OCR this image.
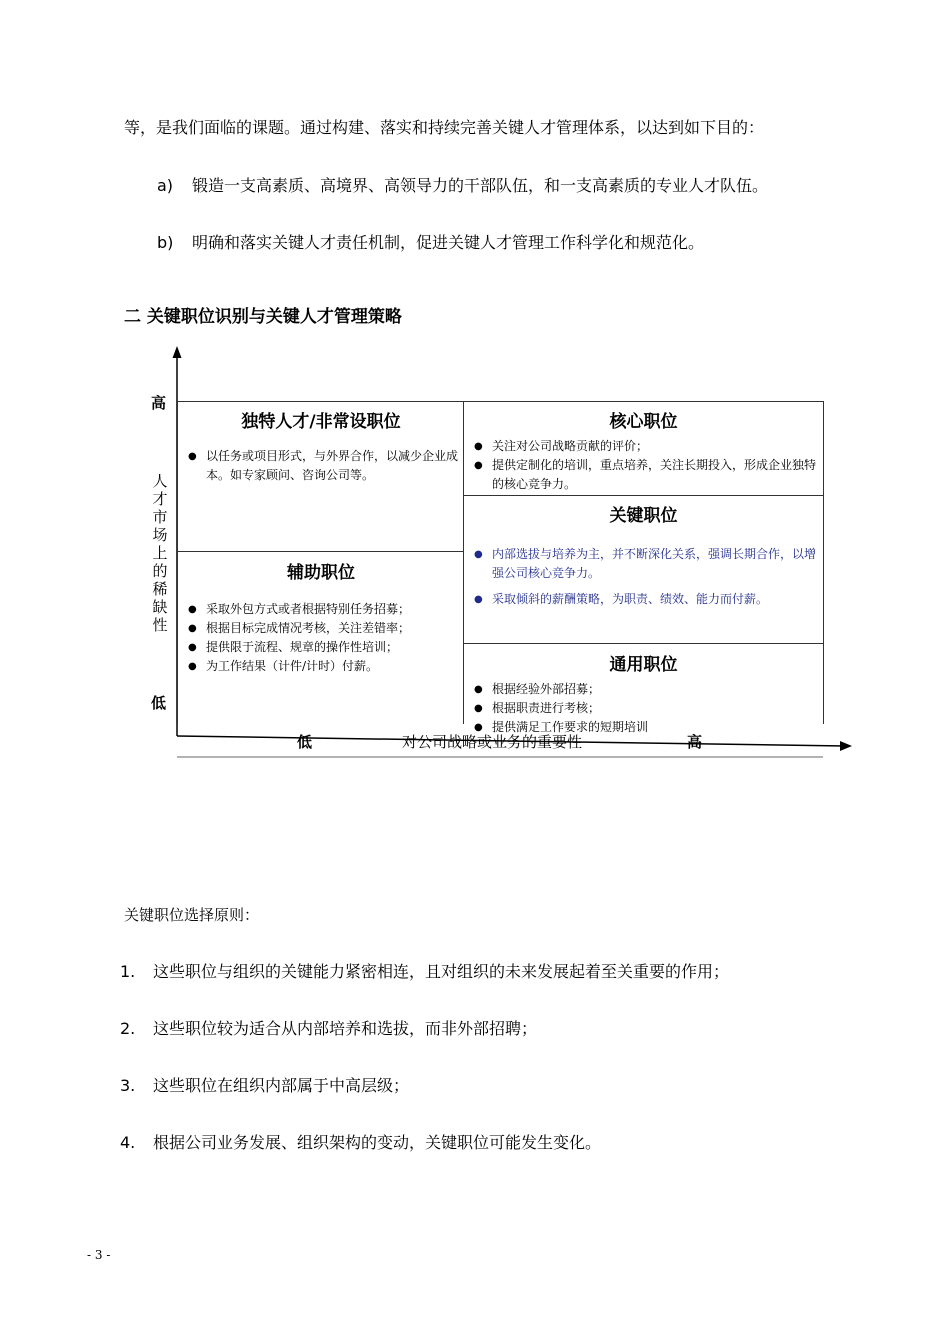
等，是我们面临的课题。通过构建、落实和持续完善关键人才管理体系，以达到如下目的：
a) 锻造一支高素质、高境界、高领导力的干部队伍，和一支高素质的专业人才队伍。
b) 明确和落实关键人才责任机制，促进关键人才管理工作科学化和规范化。
二 关键职位识别与关键人才管理策略
高
低
人
才
市
场
上
的
稀
缺
性
独特人才/非常设职位
● 以任务或项目形式，与外界合作，以减少企业成本。如专家顾问、咨询公司等。
辅助职位
● 采取外包方式或者根据特别任务招募；
● 根据目标完成情况考核，关注差错率；
● 提供限于流程、规章的操作性培训；
● 为工作结果（计件/计时）付薪。
核心职位
● 关注对公司战略贡献的评价；
● 提供定制化的培训，重点培养，关注长期投入，形成企业独特的核心竞争力。
关键职位
● 内部选拔与培养为主，并不断深化关系，强调长期合作，以增强公司核心竞争力。
● 采取倾斜的薪酬策略，为职责、绩效、能力而付薪。
通用职位
● 根据经验外部招募；
● 根据职责进行考核；
● 提供满足工作要求的短期培训
低	对公司战略或业务的重要性	高
关键职位选择原则：
1. 这些职位与组织的关键能力紧密相连，且对组织的未来发展起着至关重要的作用；
2. 这些职位较为适合从内部培养和选拔，而非外部招聘；
3. 这些职位在组织内部属于中高层级；
4. 根据公司业务发展、组织架构的变动，关键职位可能发生变化。
- 3 -
